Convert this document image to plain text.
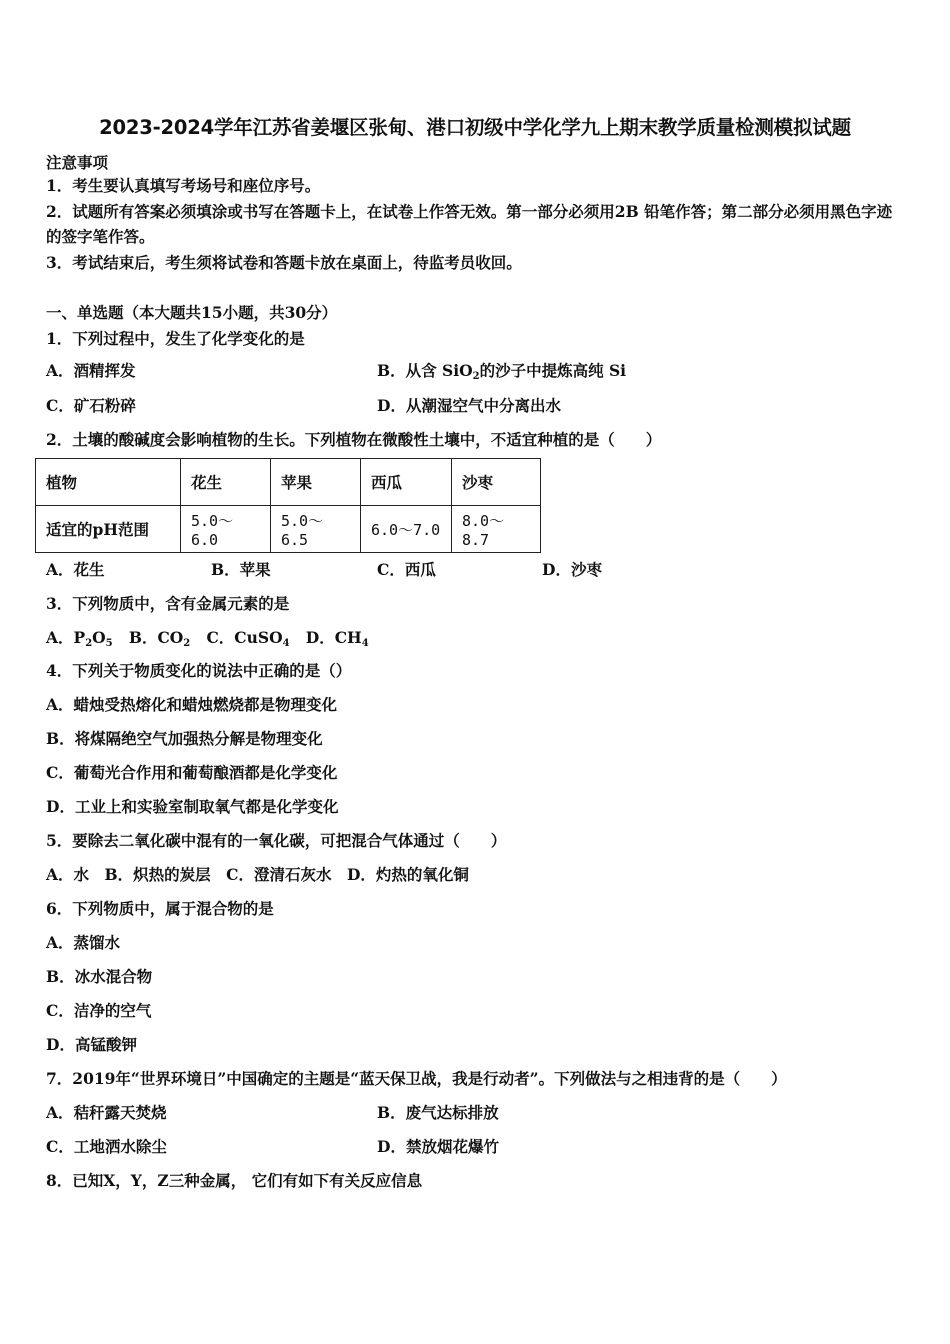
2023-2024学年江苏省姜堰区张甸、港口初级中学化学九上期末教学质量检测模拟试题
注意事项
1．考生要认真填写考场号和座位序号。
2．试题所有答案必须填涂或书写在答题卡上，在试卷上作答无效。第一部分必须用2B 铅笔作答；第二部分必须用黑色字迹的签字笔作答。
3．考试结束后，考生须将试卷和答题卡放在桌面上，待监考员收回。
一、单选题（本大题共15小题，共30分）
1．下列过程中，发生了化学变化的是
A．酒精挥发	B．从含 SiO$_2$的沙子中提炼高纯 Si
C．矿石粉碎	D．从潮湿空气中分离出水
2．土壤的酸碱度会影响植物的生长。下列植物在微酸性土壤中，不适宜种植的是（　　）
植物	花生	苹果	西瓜	沙枣
适宜的pH范围	5.0～6.0	5.0～6.5	6.0～7.0	8.0～8.7
A．花生	B．苹果	C．西瓜	D．沙枣
3．下列物质中，含有金属元素的是
A．$P_2O_5$ B．$CO_2$ C．CuSO$_4$ D．$CH_4$
4．下列关于物质变化的说法中正确的是（）
A．蜡烛受热熔化和蜡烛燃烧都是物理变化
B．将煤隔绝空气加强热分解是物理变化
C．葡萄光合作用和葡萄酿酒都是化学变化
D．工业上和实验室制取氧气都是化学变化
5．要除去二氧化碳中混有的一氧化碳，可把混合气体通过（　　）
A．水　B．炽热的炭层　C．澄清石灰水　D．灼热的氧化铜
6．下列物质中，属于混合物的是
A．蒸馏水
B．冰水混合物
C．洁净的空气
D．高锰酸钾
7．2019年“世界环境日”中国确定的主题是“蓝天保卫战，我是行动者”。下列做法与之相违背的是（　　）
A．秸秆露天焚烧	B．废气达标排放
C．工地洒水除尘	D．禁放烟花爆竹
8．已知X，Y，Z三种金属， 它们有如下有关反应信息
